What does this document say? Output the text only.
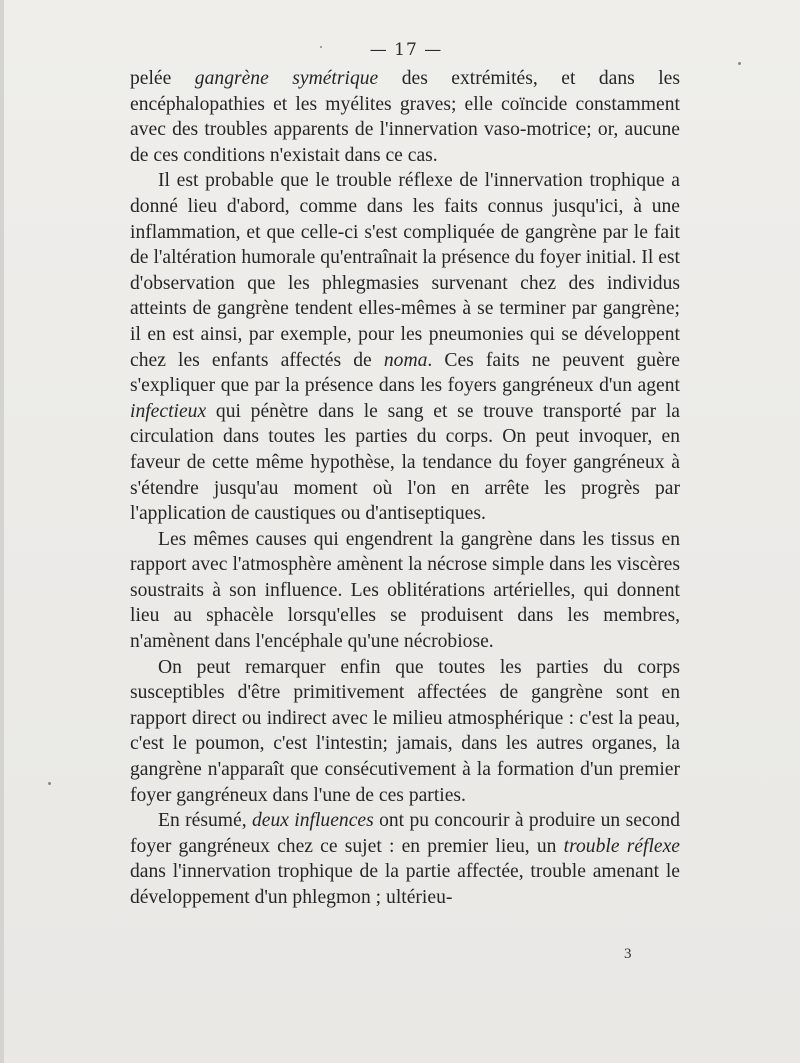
— 17 —

pelée gangrène symétrique des extrémités, et dans les encéphalopathies et les myélites graves; elle coïncide constamment avec des troubles apparents de l'innervation vaso-motrice; or, aucune de ces conditions n'existait dans ce cas.

Il est probable que le trouble réflexe de l'innervation trophique a donné lieu d'abord, comme dans les faits connus jusqu'ici, à une inflammation, et que celle-ci s'est compliquée de gangrène par le fait de l'altération humorale qu'entraînait la présence du foyer initial. Il est d'observation que les phlegmasies survenant chez des individus atteints de gangrène tendent elles-mêmes à se terminer par gangrène; il en est ainsi, par exemple, pour les pneumonies qui se développent chez les enfants affectés de noma. Ces faits ne peuvent guère s'expliquer que par la présence dans les foyers gangréneux d'un agent infectieux qui pénètre dans le sang et se trouve transporté par la circulation dans toutes les parties du corps. On peut invoquer, en faveur de cette même hypothèse, la tendance du foyer gangréneux à s'étendre jusqu'au moment où l'on en arrête les progrès par l'application de caustiques ou d'antiseptiques.

Les mêmes causes qui engendrent la gangrène dans les tissus en rapport avec l'atmosphère amènent la nécrose simple dans les viscères soustraits à son influence. Les oblitérations artérielles, qui donnent lieu au sphacèle lorsqu'elles se produisent dans les membres, n'amènent dans l'encéphale qu'une nécrobiose.

On peut remarquer enfin que toutes les parties du corps susceptibles d'être primitivement affectées de gangrène sont en rapport direct ou indirect avec le milieu atmosphérique : c'est la peau, c'est le poumon, c'est l'intestin; jamais, dans les autres organes, la gangrène n'apparaît que consécutivement à la formation d'un premier foyer gangréneux dans l'une de ces parties.

En résumé, deux influences ont pu concourir à produire un second foyer gangréneux chez ce sujet : en premier lieu, un trouble réflexe dans l'innervation trophique de la partie affectée, trouble amenant le développement d'un phlegmon ; ultérieu-

3
